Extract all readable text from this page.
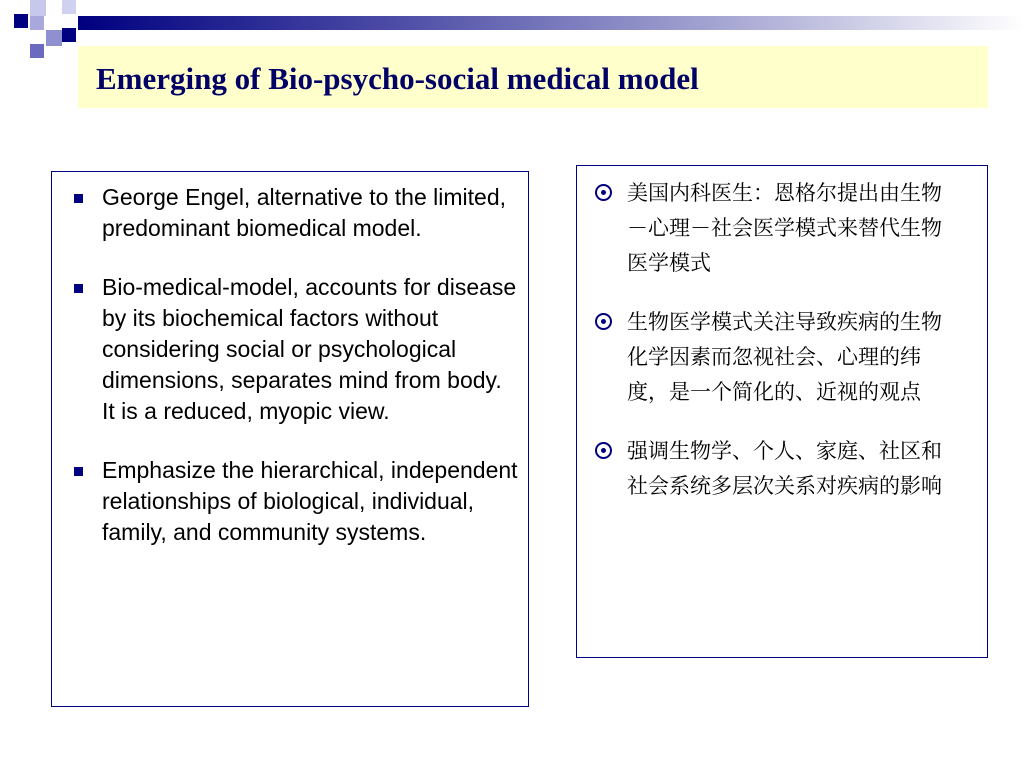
Emerging of Bio-psycho-social medical model
George Engel, alternative to the limited, predominant biomedical model.
Bio-medical-model, accounts for disease by its biochemical factors without considering social or psychological dimensions, separates mind from body. It is a reduced, myopic view.
Emphasize the hierarchical, independent relationships of biological, individual, family, and community systems.
美国内科医生：恩格尔提出由生物－心理－社会医学模式来替代生物医学模式
生物医学模式关注导致疾病的生物化学因素而忽视社会、心理的纬度，是一个简化的、近视的观点
强调生物学、个人、家庭、社区和社会系统多层次关系对疾病的影响
